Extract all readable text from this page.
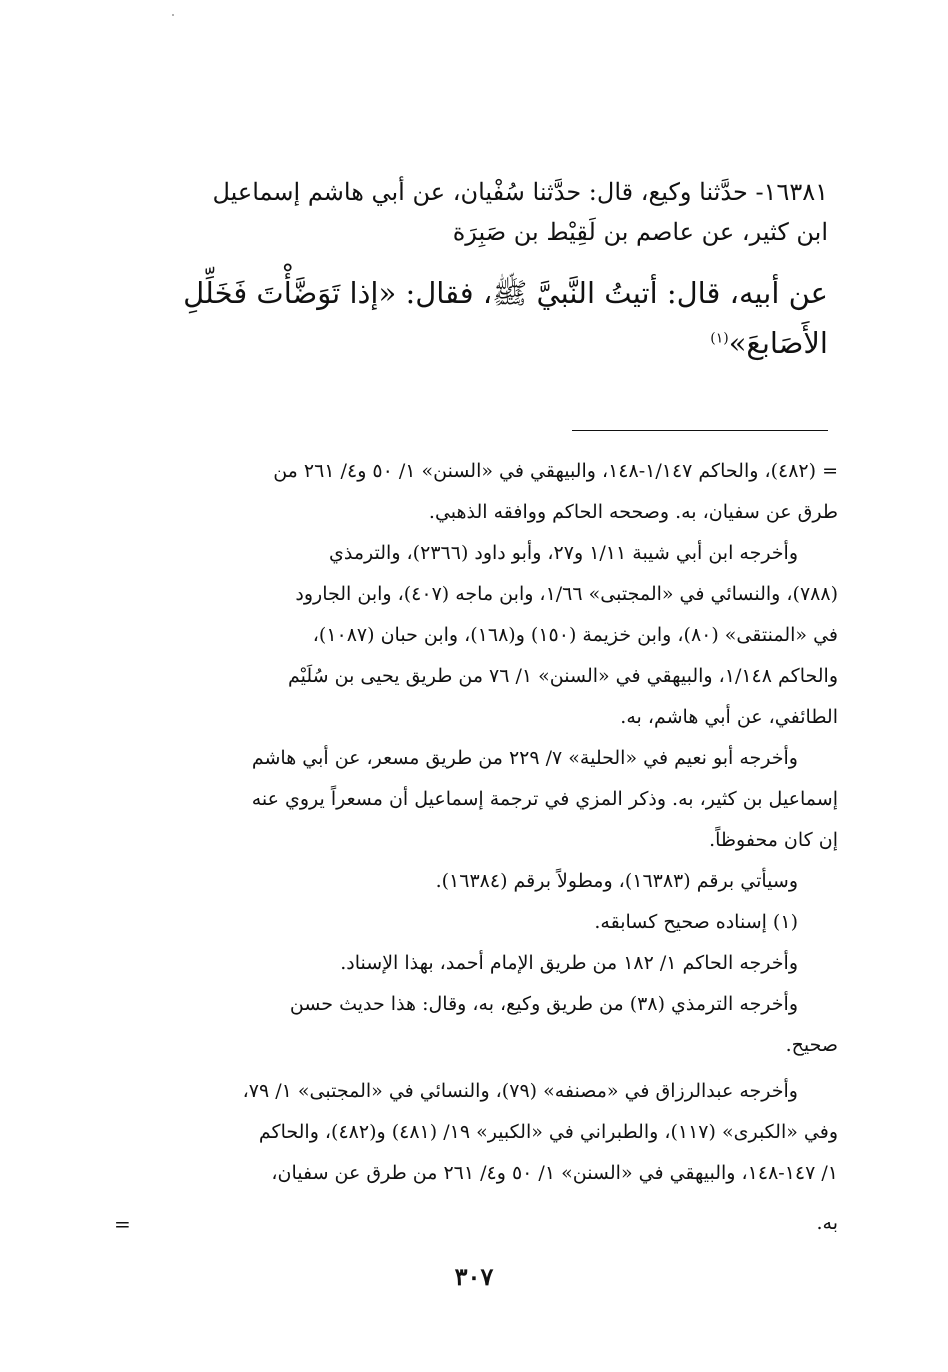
١٦٣٨١- حدَّثنا وكيع، قال: حدَّثنا سُفْيان، عن أبي هاشم إسماعيل
ابن كثير، عن عاصم بن لَقِيْط بن صَبِرَة
عن أبيه، قال: أتيتُ النَّبيَّ ﷺ، فقال: «إذا تَوَضَّأْتَ فَخَلِّلِ
الأَصَابعَ»$^{(١)}$
= (٤٨٢)، والحاكم ١/١٤٧-١٤٨، والبيهقي في «السنن» ١/ ٥٠ و٤/ ٢٦١ من
طرق عن سفيان، به. وصححه الحاكم ووافقه الذهبي.
وأخرجه ابن أبي شيبة ١/١١ و٢٧، وأبو داود (٢٣٦٦)، والترمذي
(٧٨٨)، والنسائي في «المجتبى» ١/٦٦، وابن ماجه (٤٠٧)، وابن الجارود
في «المنتقى» (٨٠)، وابن خزيمة (١٥٠) و(١٦٨)، وابن حبان (١٠٨٧)،
والحاكم ١/١٤٨، والبيهقي في «السنن» ١/ ٧٦ من طريق يحيى بن سُلَيْم
الطائفي، عن أبي هاشم، به.
وأخرجه أبو نعيم في «الحلية» ٧/ ٢٢٩ من طريق مسعر، عن أبي هاشم
إسماعيل بن كثير، به. وذكر المزي في ترجمة إسماعيل أن مسعراً يروي عنه
إن كان محفوظاً.
وسيأتي برقم (١٦٣٨٣)، ومطولاً برقم (١٦٣٨٤).
(١) إسناده صحيح كسابقه.
وأخرجه الحاكم ١/ ١٨٢ من طريق الإمام أحمد، بهذا الإسناد.
وأخرجه الترمذي (٣٨) من طريق وكيع، به، وقال: هذا حديث حسن
صحيح.
وأخرجه عبدالرزاق في «مصنفه» (٧٩)، والنسائي في «المجتبى» ١/ ٧٩،
وفي «الكبرى» (١١٧)، والطبراني في «الكبير» ١٩/ (٤٨١) و(٤٨٢)، والحاكم
١/ ١٤٧-١٤٨، والبيهقي في «السنن» ١/ ٥٠ و٤/ ٢٦١ من طرق عن سفيان،
به.
=
٣٠٧
